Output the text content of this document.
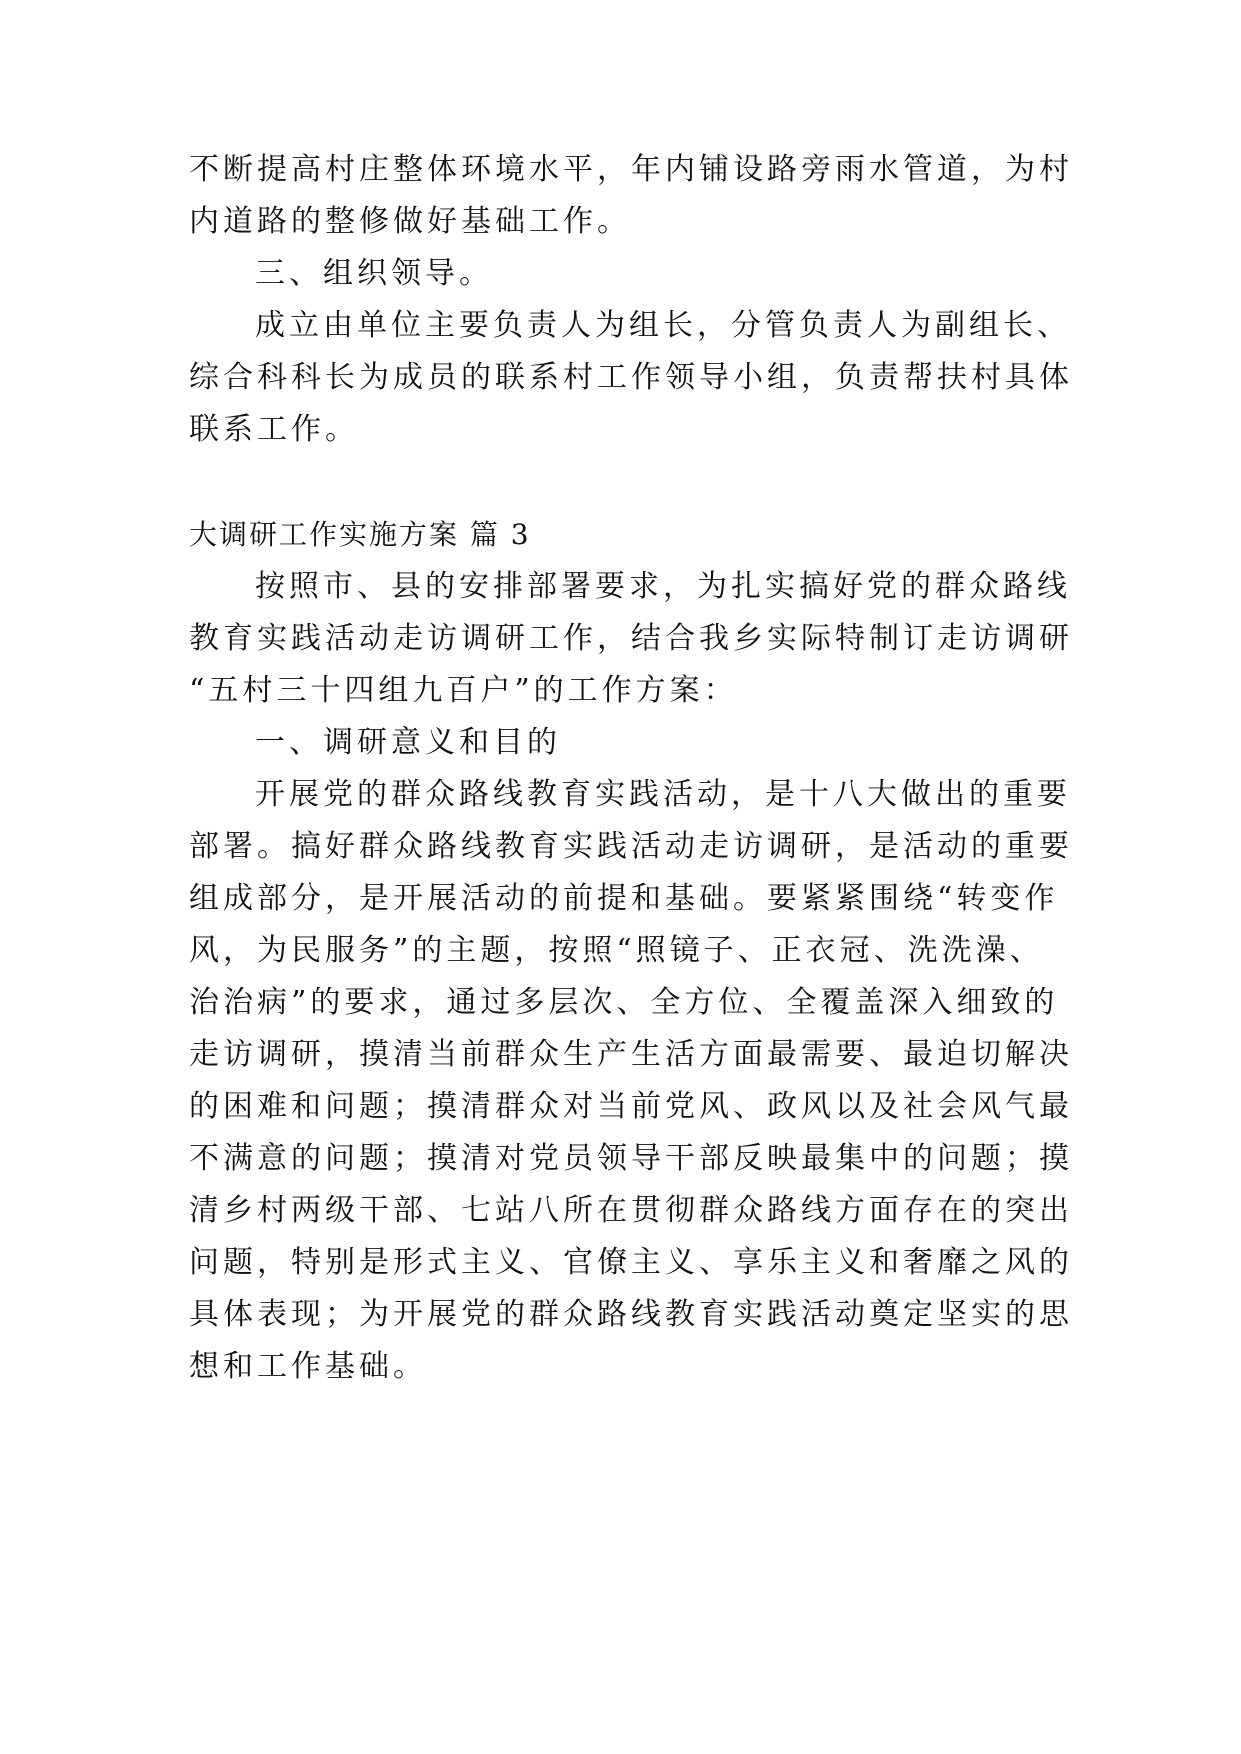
不断提高村庄整体环境水平，年内铺设路旁雨水管道，为村
内道路的整修做好基础工作。
三、组织领导。
成立由单位主要负责人为组长，分管负责人为副组长、
综合科科长为成员的联系村工作领导小组，负责帮扶村具体
联系工作。
大调研工作实施方案 篇 3
按照市、县的安排部署要求，为扎实搞好党的群众路线
教育实践活动走访调研工作，结合我乡实际特制订走访调研
“五村三十四组九百户”的工作方案：
一、调研意义和目的
开展党的群众路线教育实践活动，是十八大做出的重要
部署。搞好群众路线教育实践活动走访调研，是活动的重要
组成部分，是开展活动的前提和基础。要紧紧围绕“转变作
风，为民服务”的主题，按照“照镜子、正衣冠、洗洗澡、
治治病”的要求，通过多层次、全方位、全覆盖深入细致的
走访调研，摸清当前群众生产生活方面最需要、最迫切解决
的困难和问题；摸清群众对当前党风、政风以及社会风气最
不满意的问题；摸清对党员领导干部反映最集中的问题；摸
清乡村两级干部、七站八所在贯彻群众路线方面存在的突出
问题，特别是形式主义、官僚主义、享乐主义和奢靡之风的
具体表现；为开展党的群众路线教育实践活动奠定坚实的思
想和工作基础。
